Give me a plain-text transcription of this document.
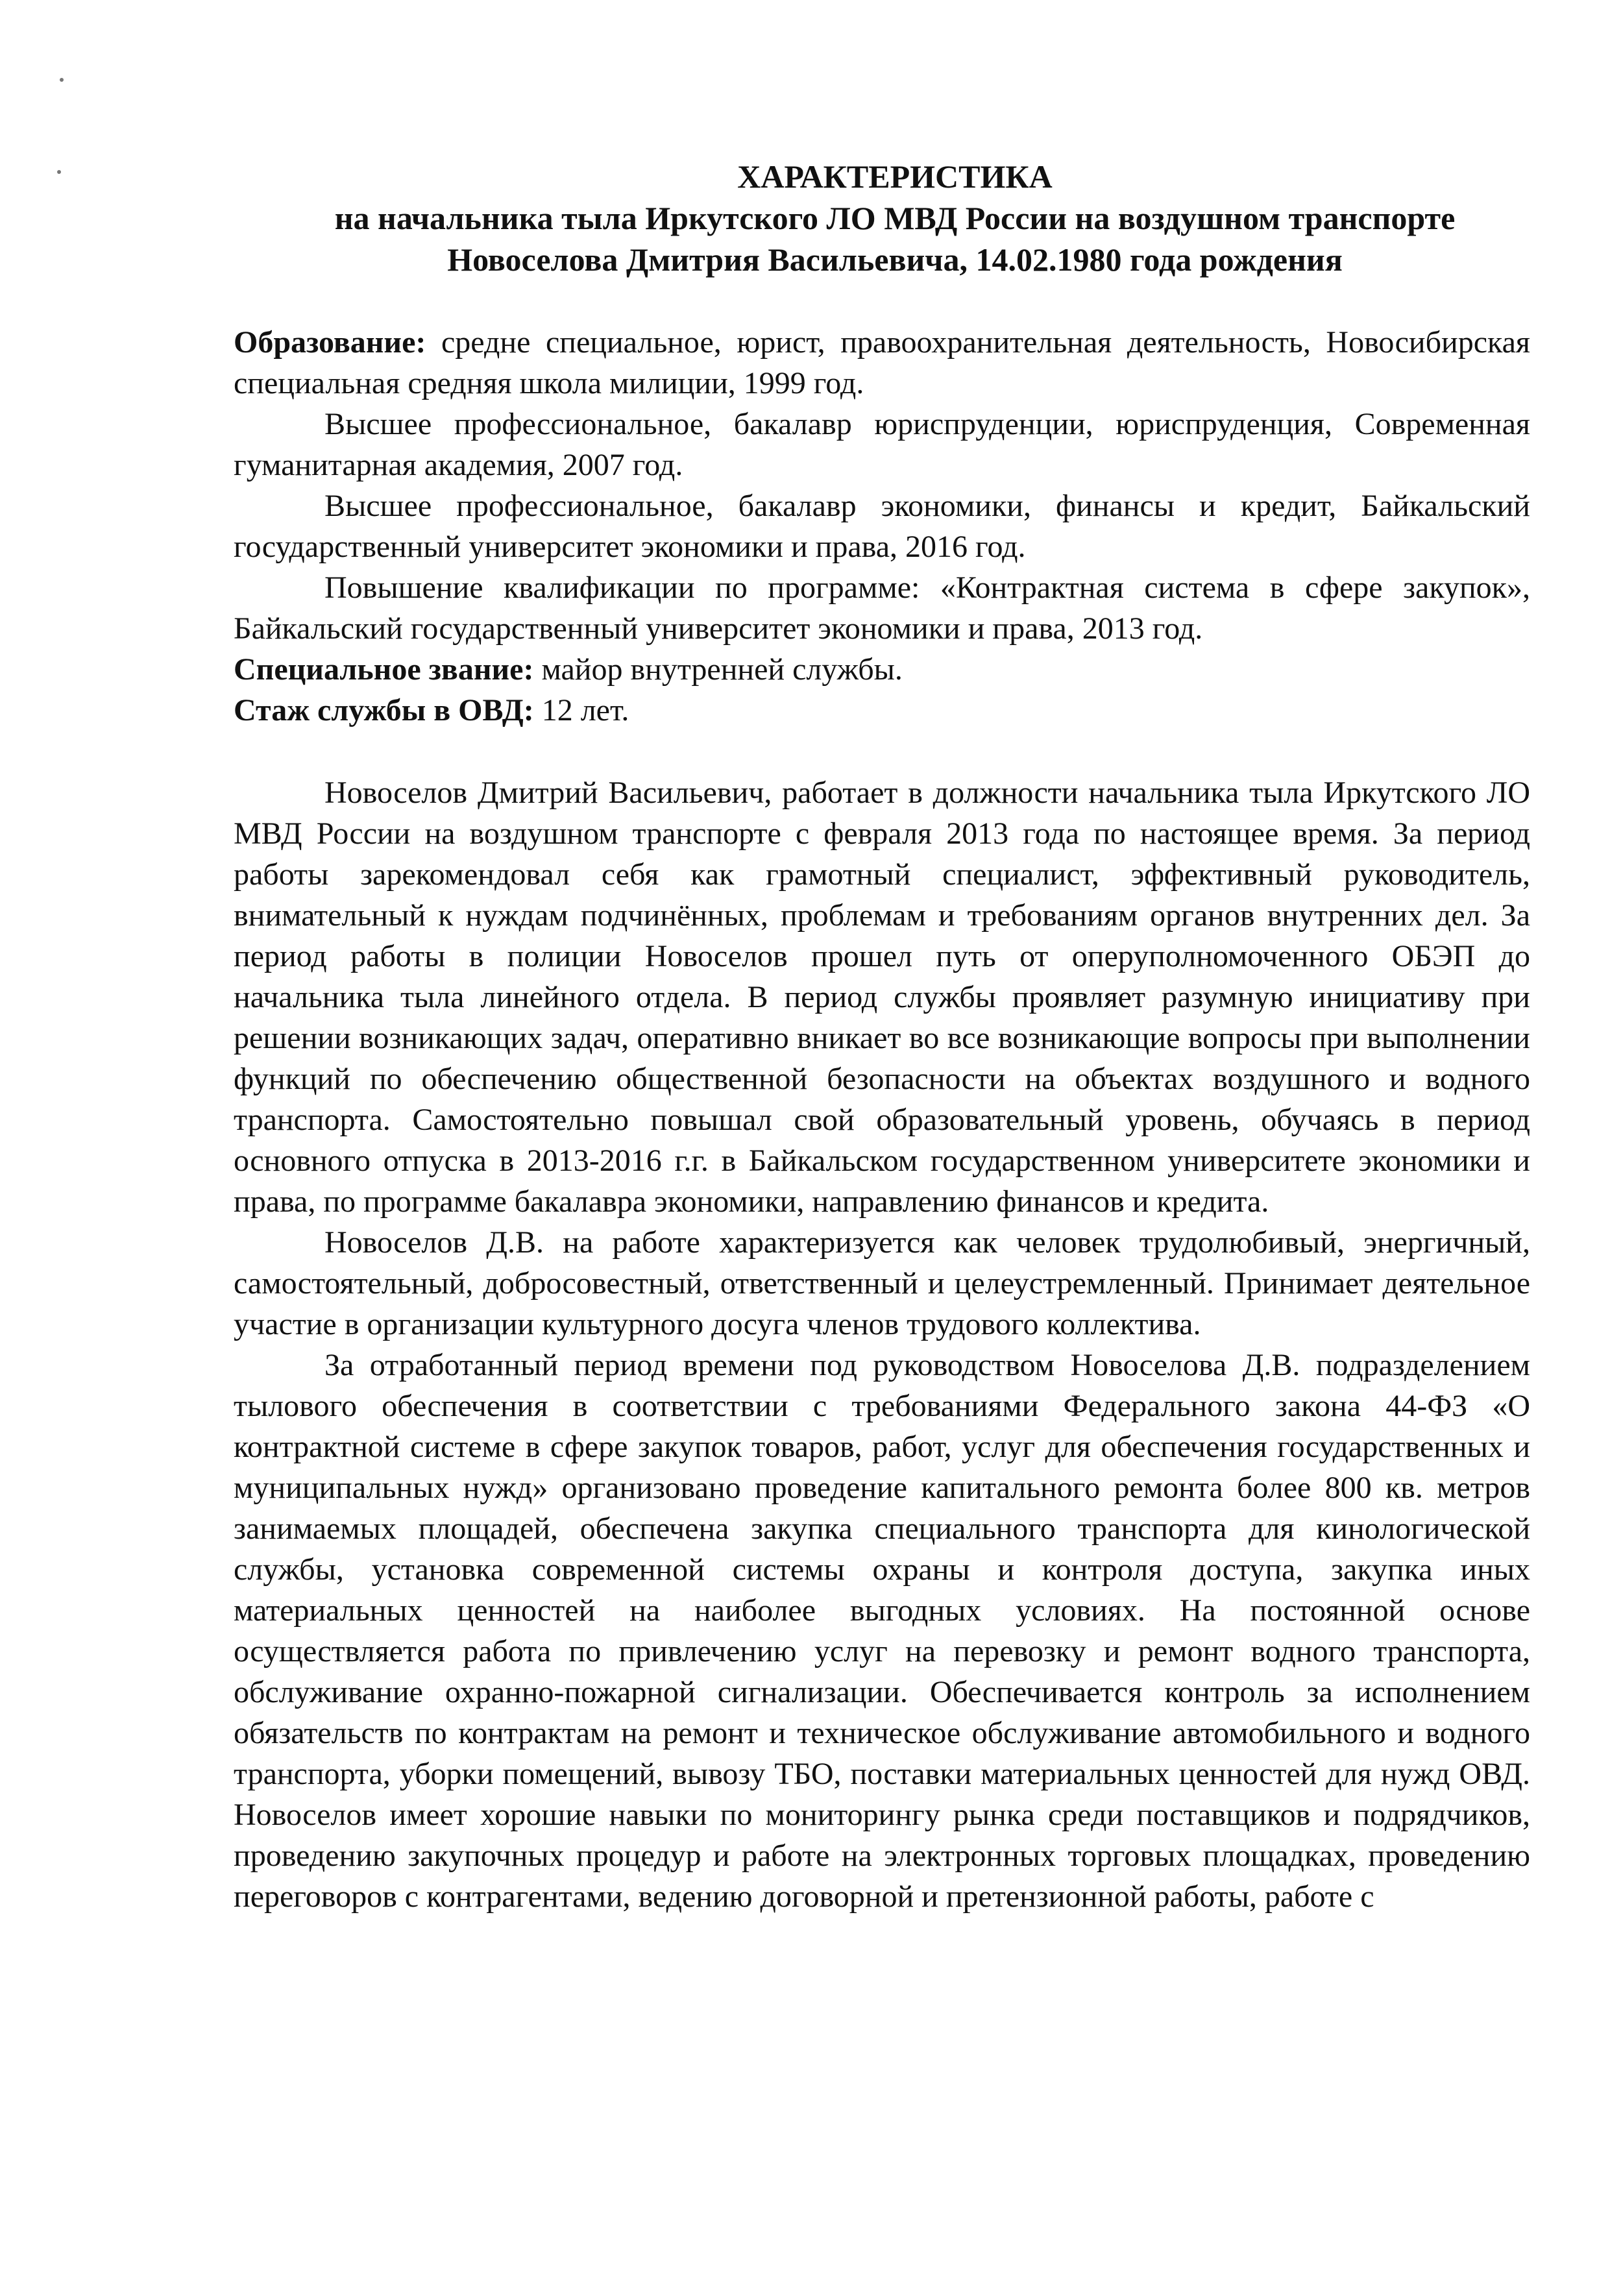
ХАРАКТЕРИСТИКА
на начальника тыла Иркутского ЛО МВД России на воздушном транспорте
Новоселова Дмитрия Васильевича, 14.02.1980 года рождения

Образование: средне специальное, юрист, правоохранительная деятельность, Новосибирская специальная средняя школа милиции, 1999 год.

Высшее профессиональное, бакалавр юриспруденции, юриспруденция, Современная гуманитарная академия, 2007 год.

Высшее профессиональное, бакалавр экономики, финансы и кредит, Байкальский государственный университет экономики и права, 2016 год.

Повышение квалификации по программе: «Контрактная система в сфере закупок», Байкальский государственный университет экономики и права, 2013 год.

Специальное звание: майор внутренней службы.

Стаж службы в ОВД: 12 лет.

Новоселов Дмитрий Васильевич, работает в должности начальника тыла Иркутского ЛО МВД России на воздушном транспорте с февраля 2013 года по настоящее время. За период работы зарекомендовал себя как грамотный специалист, эффективный руководитель, внимательный к нуждам подчинённых, проблемам и требованиям органов внутренних дел. За период работы в полиции Новоселов прошел путь от оперуполномоченного ОБЭП до начальника тыла линейного отдела. В период службы проявляет разумную инициативу при решении возникающих задач, оперативно вникает во все возникающие вопросы при выполнении функций по обеспечению общественной безопасности на объектах воздушного и водного транспорта. Самостоятельно повышал свой образовательный уровень, обучаясь в период основного отпуска в 2013-2016 г.г. в Байкальском государственном университете экономики и права, по программе бакалавра экономики, направлению финансов и кредита.

Новоселов Д.В. на работе характеризуется как человек трудолюбивый, энергичный, самостоятельный, добросовестный, ответственный и целеустремленный. Принимает деятельное участие в организации культурного досуга членов трудового коллектива.

За отработанный период времени под руководством Новоселова Д.В. подразделением тылового обеспечения в соответствии с требованиями Федерального закона 44-ФЗ «О контрактной системе в сфере закупок товаров, работ, услуг для обеспечения государственных и муниципальных нужд» организовано проведение капитального ремонта более 800 кв. метров занимаемых площадей, обеспечена закупка специального транспорта для кинологической службы, установка современной системы охраны и контроля доступа, закупка иных материальных ценностей на наиболее выгодных условиях. На постоянной основе осуществляется работа по привлечению услуг на перевозку и ремонт водного транспорта, обслуживание охранно-пожарной сигнализации. Обеспечивается контроль за исполнением обязательств по контрактам на ремонт и техническое обслуживание автомобильного и водного транспорта, уборки помещений, вывозу ТБО, поставки материальных ценностей для нужд ОВД. Новоселов имеет хорошие навыки по мониторингу рынка среди поставщиков и подрядчиков, проведению закупочных процедур и работе на электронных торговых площадках, проведению переговоров с контрагентами, ведению договорной и претензионной работы, работе с
